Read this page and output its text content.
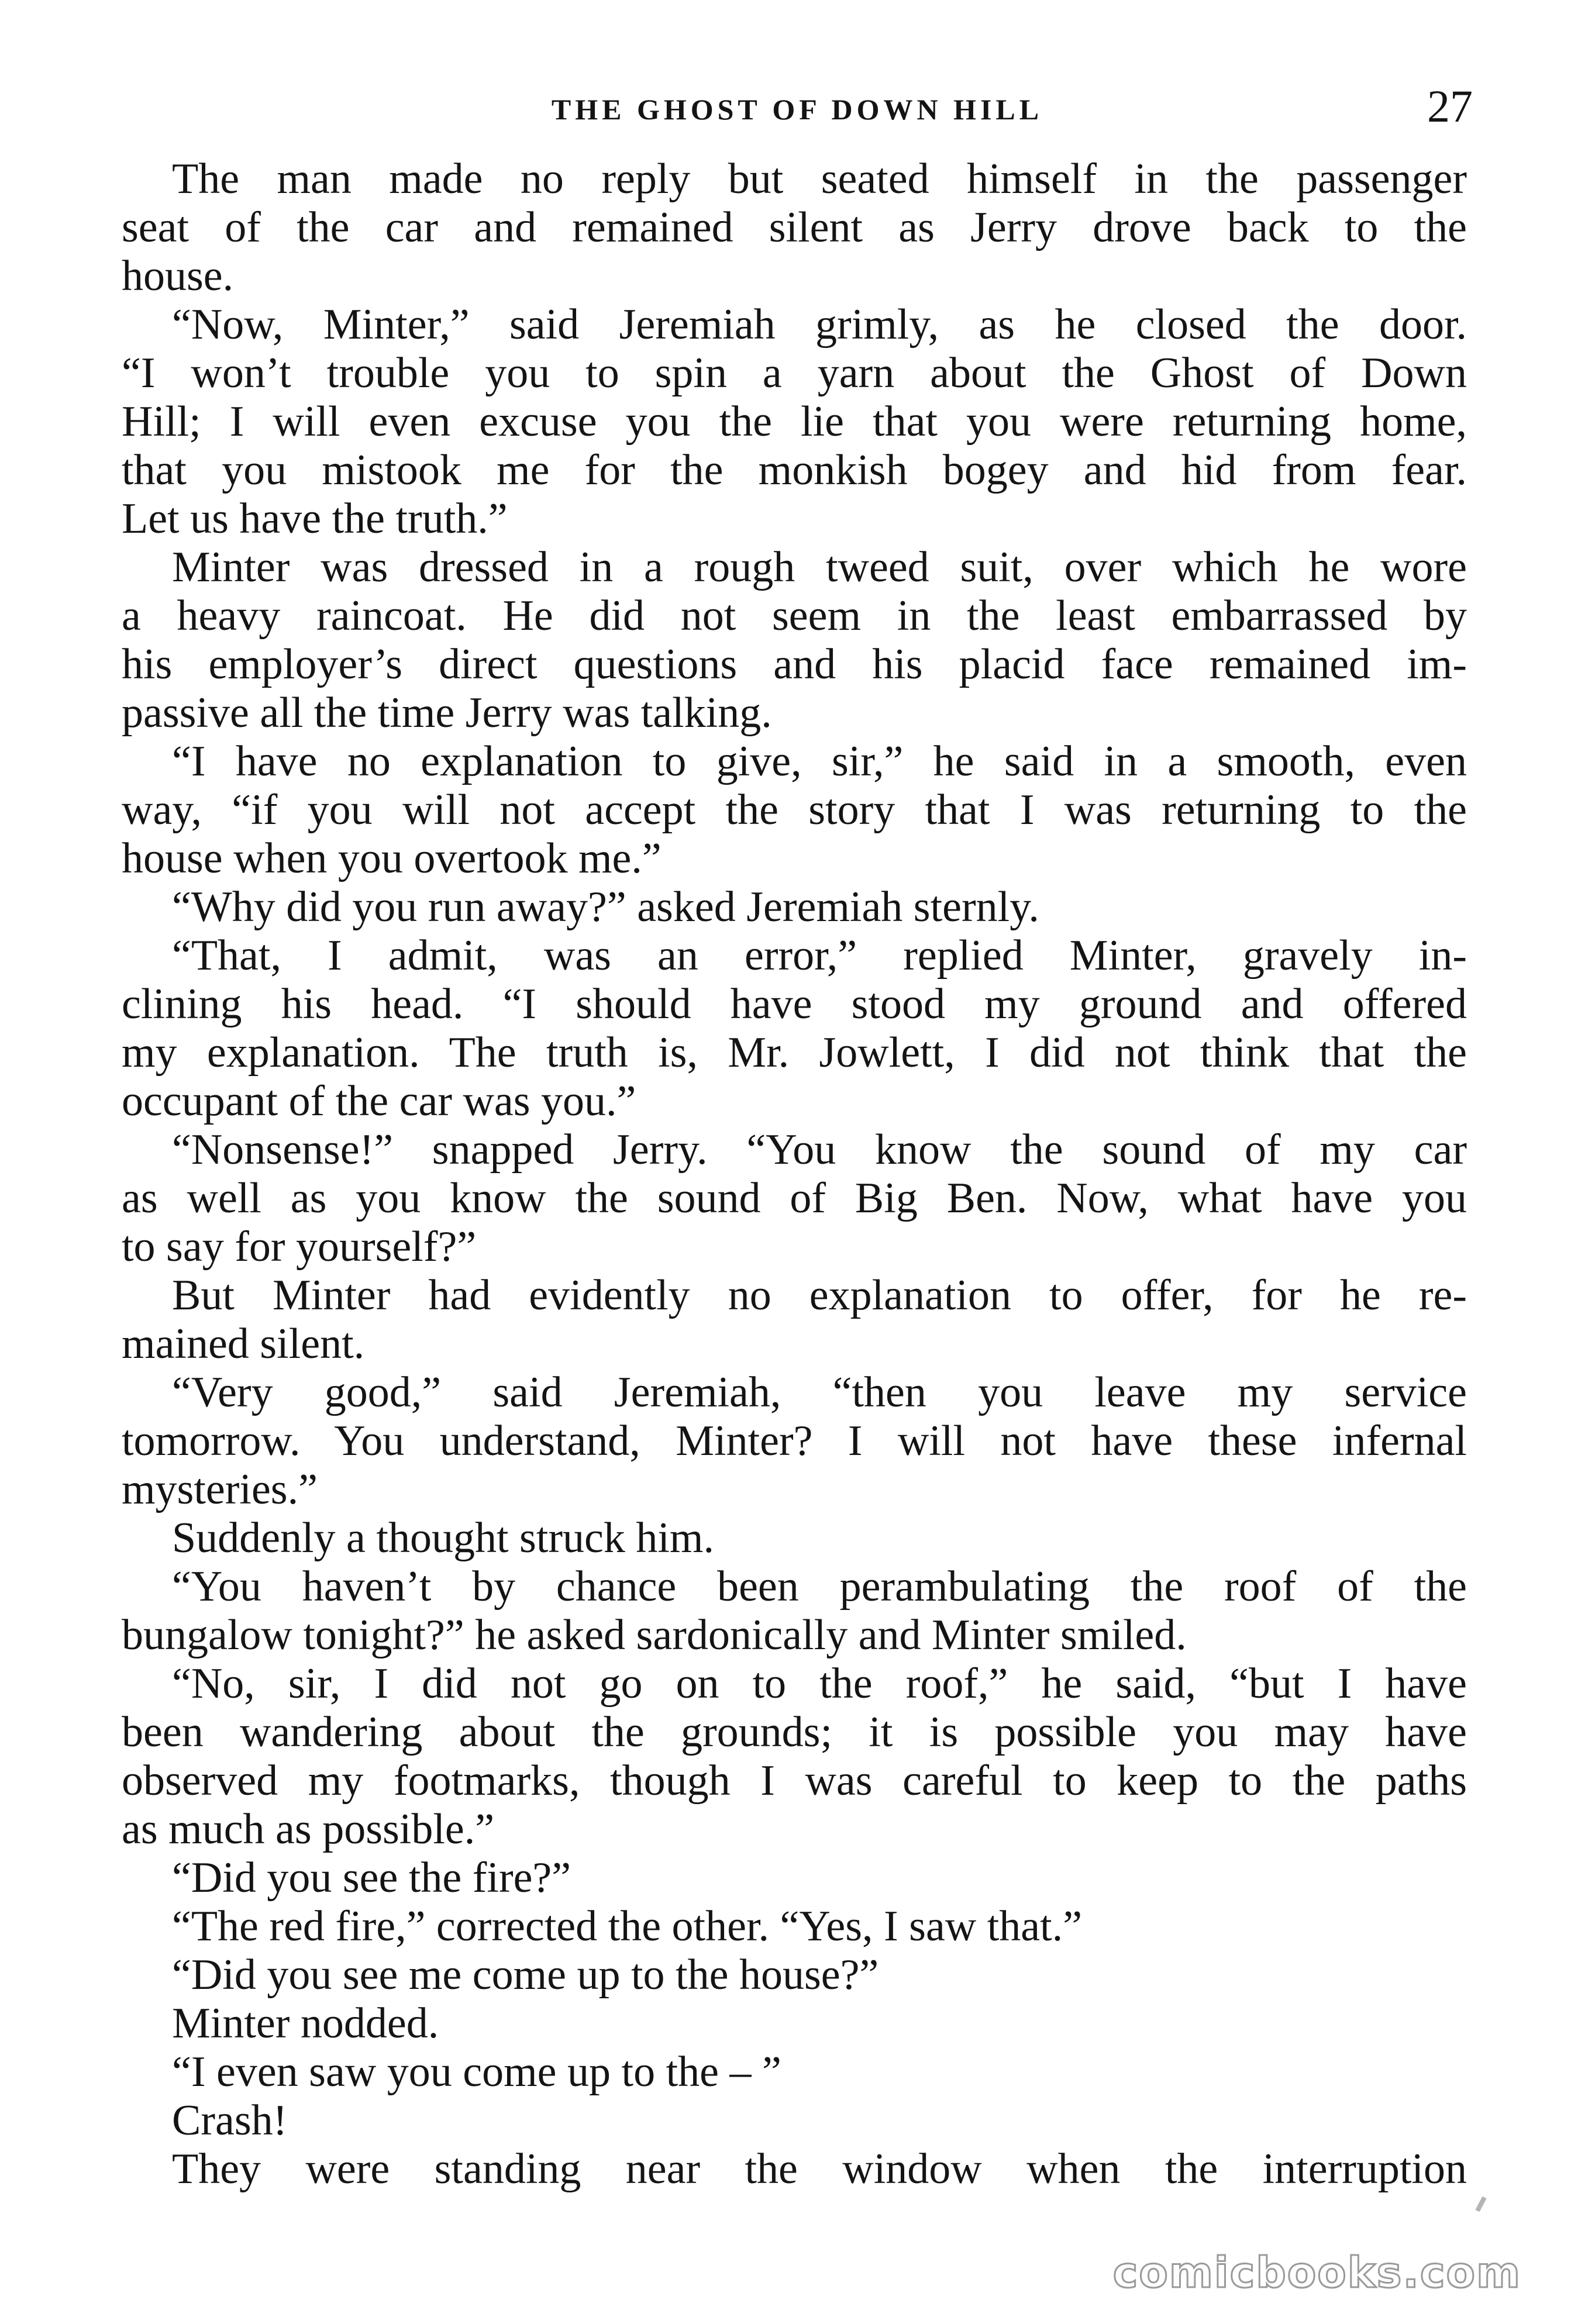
THE GHOST OF DOWN HILL	27
The man made no reply but seated himself in the passenger
seat of the car and remained silent as Jerry drove back to the
house.
“Now, Minter,” said Jeremiah grimly, as he closed the door.
“I won’t trouble you to spin a yarn about the Ghost of Down
Hill; I will even excuse you the lie that you were returning home,
that you mistook me for the monkish bogey and hid from fear.
Let us have the truth.”
Minter was dressed in a rough tweed suit, over which he wore
a heavy raincoat. He did not seem in the least embarrassed by
his employer’s direct questions and his placid face remained im-
passive all the time Jerry was talking.
“I have no explanation to give, sir,” he said in a smooth, even
way, “if you will not accept the story that I was returning to the
house when you overtook me.”
“Why did you run away?” asked Jeremiah sternly.
“That, I admit, was an error,” replied Minter, gravely in-
clining his head. “I should have stood my ground and offered
my explanation. The truth is, Mr. Jowlett, I did not think that the
occupant of the car was you.”
“Nonsense!” snapped Jerry. “You know the sound of my car
as well as you know the sound of Big Ben. Now, what have you
to say for yourself?”
But Minter had evidently no explanation to offer, for he re-
mained silent.
“Very good,” said Jeremiah, “then you leave my service
tomorrow. You understand, Minter? I will not have these infernal
mysteries.”
Suddenly a thought struck him.
“You haven’t by chance been perambulating the roof of the
bungalow tonight?” he asked sardonically and Minter smiled.
“No, sir, I did not go on to the roof,” he said, “but I have
been wandering about the grounds; it is possible you may have
observed my footmarks, though I was careful to keep to the paths
as much as possible.”
“Did you see the fire?”
“The red fire,” corrected the other. “Yes, I saw that.”
“Did you see me come up to the house?”
Minter nodded.
“I even saw you come up to the – ”
Crash!
They were standing near the window when the interruption
comicbooks.com
